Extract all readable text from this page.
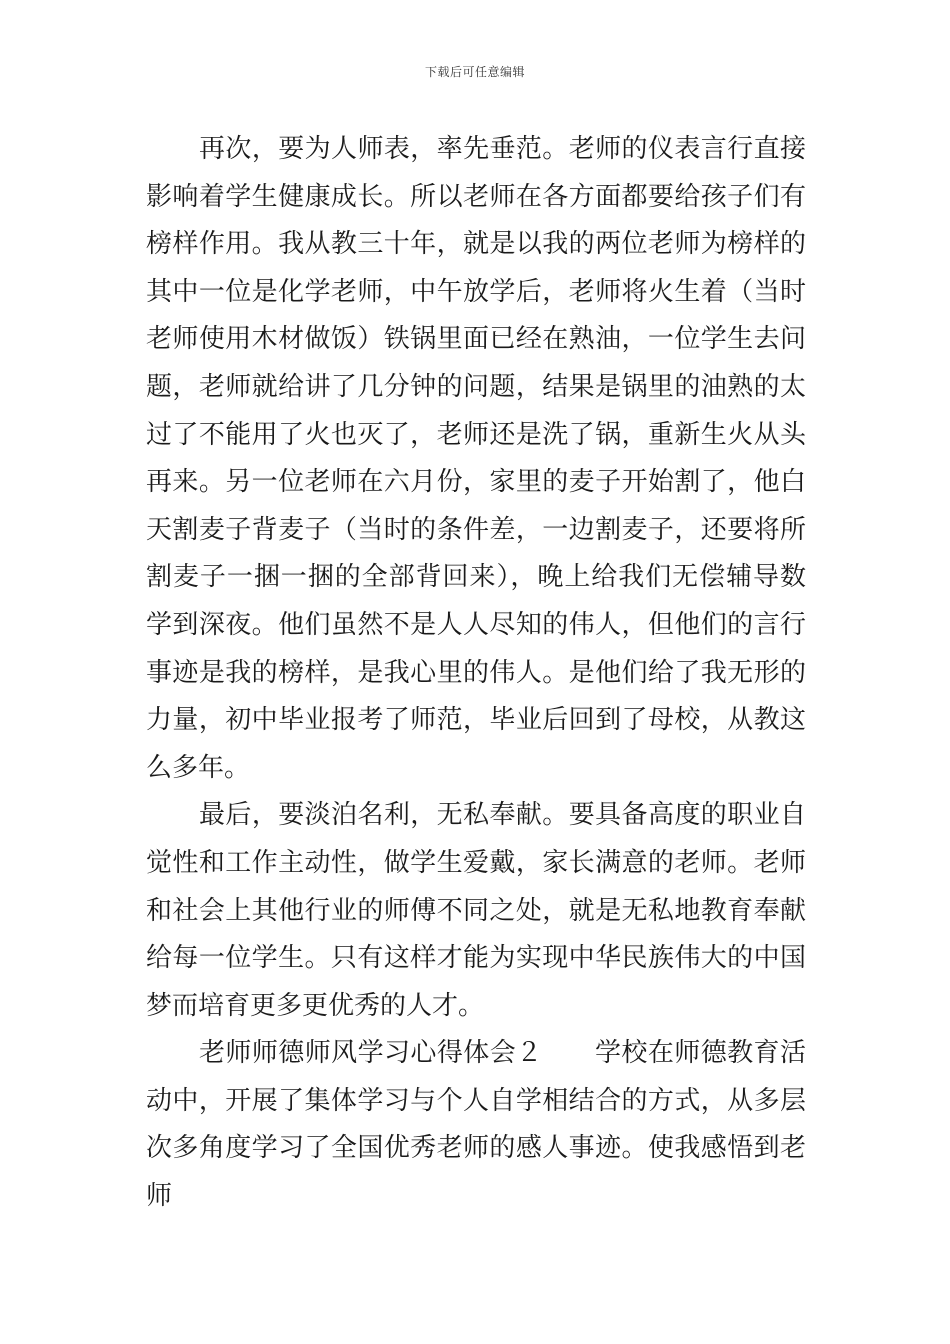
下载后可任意编辑

再次，要为人师表，率先垂范。老师的仪表言行直接影响着学生健康成长。所以老师在各方面都要给孩子们有榜样作用。我从教三十年，就是以我的两位老师为榜样的其中一位是化学老师，中午放学后，老师将火生着（当时老师使用木材做饭）铁锅里面已经在熟油，一位学生去问题，老师就给讲了几分钟的问题，结果是锅里的油熟的太过了不能用了火也灭了，老师还是洗了锅，重新生火从头再来。另一位老师在六月份，家里的麦子开始割了，他白天割麦子背麦子（当时的条件差，一边割麦子，还要将所割麦子一捆一捆的全部背回来），晚上给我们无偿辅导数学到深夜。他们虽然不是人人尽知的伟人，但他们的言行事迹是我的榜样，是我心里的伟人。是他们给了我无形的力量，初中毕业报考了师范，毕业后回到了母校，从教这么多年。

最后，要淡泊名利，无私奉献。要具备高度的职业自觉性和工作主动性，做学生爱戴，家长满意的老师。老师和社会上其他行业的师傅不同之处，就是无私地教育奉献给每一位学生。只有这样才能为实现中华民族伟大的中国梦而培育更多更优秀的人才。

老师师德师风学习心得体会２ 学校在师德教育活动中，开展了集体学习与个人自学相结合的方式，从多层次多角度学习了全国优秀老师的感人事迹。使我感悟到老师
